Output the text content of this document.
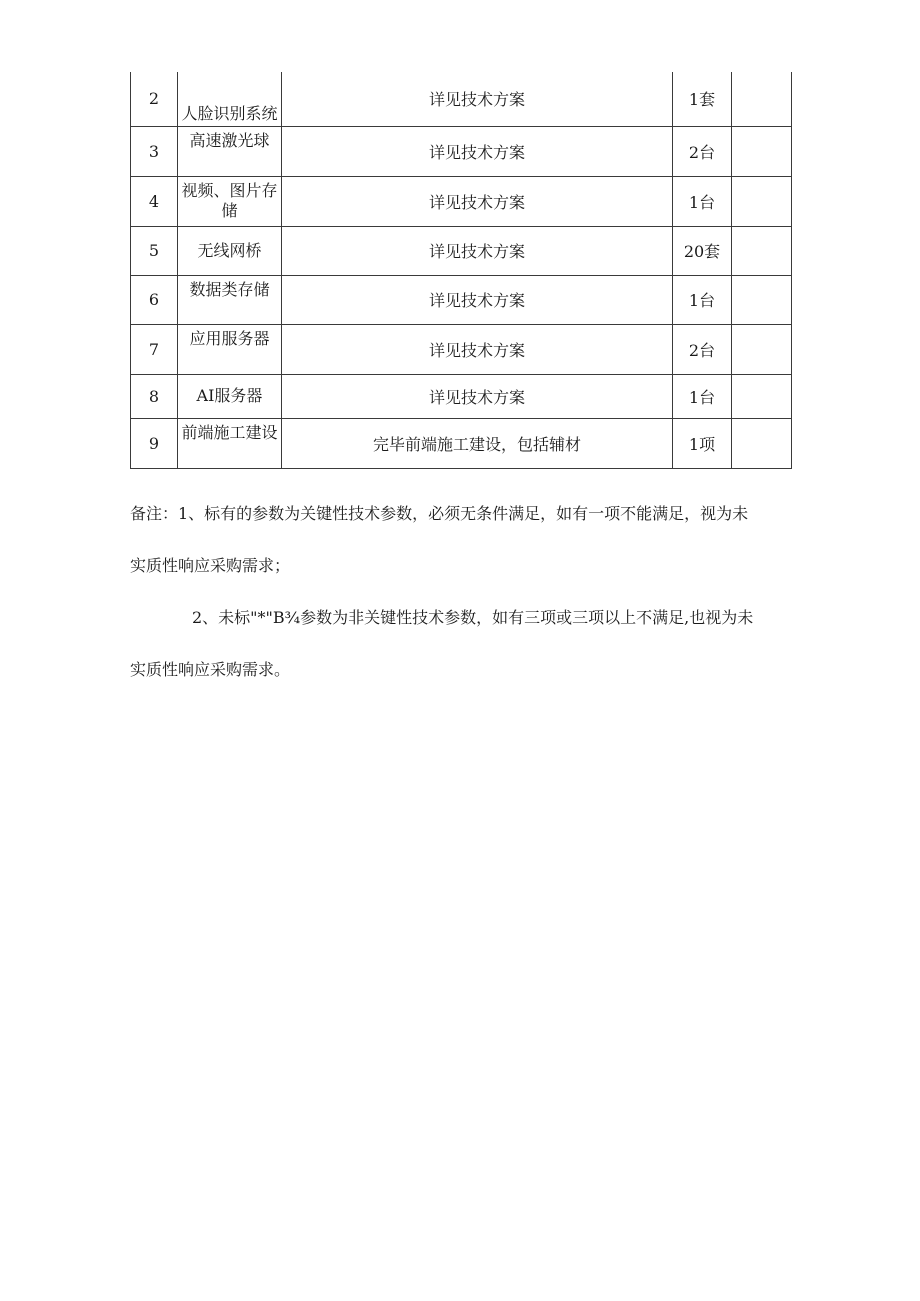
2	人脸识别系统	详见技术方案	1套	
3	高速激光球	详见技术方案	2台	
4	视频、图片存储	详见技术方案	1台	
5	无线网桥	详见技术方案	20套	
6	数据类存储	详见技术方案	1台	
7	应用服务器	详见技术方案	2台	
8	AI服务器	详见技术方案	1台	
9	前端施工建设	完毕前端施工建设，包括辅材	1项	

备注：1、标有的参数为关键性技术参数，必须无条件满足，如有一项不能满足，视为未

实质性响应采购需求；

2、未标"*"B¾参数为非关键性技术参数，如有三项或三项以上不满足,也视为未

实质性响应采购需求。
